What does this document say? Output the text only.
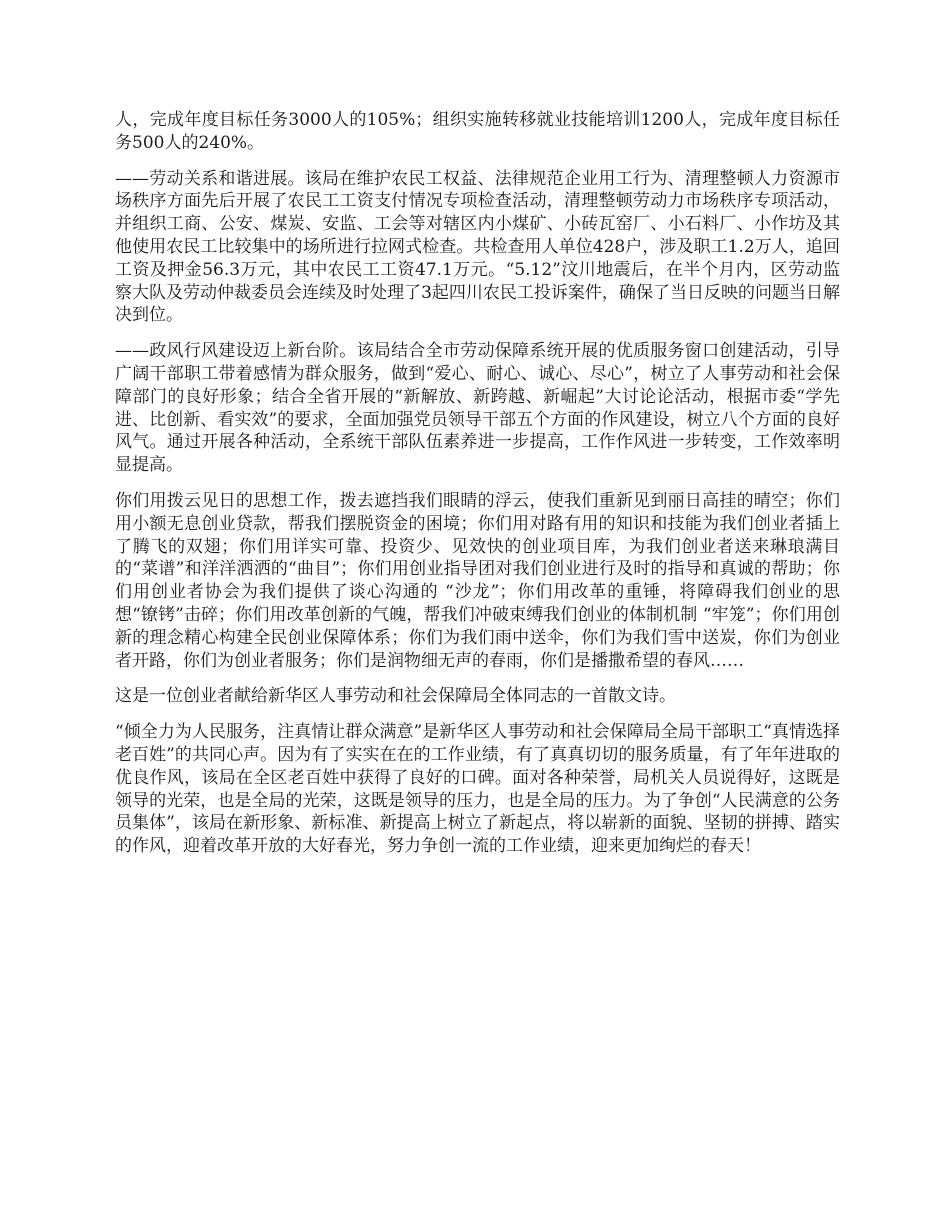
人，完成年度目标任务3000人的105%；组织实施转移就业技能培训1200人，完成年度目标任务500人的240%。

——劳动关系和谐进展。该局在维护农民工权益、法律规范企业用工行为、清理整顿人力资源市场秩序方面先后开展了农民工工资支付情况专项检查活动，清理整顿劳动力市场秩序专项活动，并组织工商、公安、煤炭、安监、工会等对辖区内小煤矿、小砖瓦窑厂、小石料厂、小作坊及其他使用农民工比较集中的场所进行拉网式检查。共检查用人单位428户，涉及职工1.2万人，追回工资及押金56.3万元，其中农民工工资47.1万元。“5.12”汶川地震后，在半个月内，区劳动监察大队及劳动仲裁委员会连续及时处理了3起四川农民工投诉案件，确保了当日反映的问题当日解决到位。

——政风行风建设迈上新台阶。该局结合全市劳动保障系统开展的优质服务窗口创建活动，引导广阔干部职工带着感情为群众服务，做到“爱心、耐心、诚心、尽心”，树立了人事劳动和社会保障部门的良好形象；结合全省开展的“新解放、新跨越、新崛起”大讨论论活动，根据市委“学先进、比创新、看实效”的要求，全面加强党员领导干部五个方面的作风建设，树立八个方面的良好风气。通过开展各种活动，全系统干部队伍素养进一步提高，工作作风进一步转变，工作效率明显提高。

你们用拨云见日的思想工作，拨去遮挡我们眼睛的浮云，使我们重新见到丽日高挂的晴空；你们用小额无息创业贷款，帮我们摆脱资金的困境；你们用对路有用的知识和技能为我们创业者插上了腾飞的双翅；你们用详实可靠、投资少、见效快的创业项目库，为我们创业者送来琳琅满目的“菜谱”和洋洋洒洒的“曲目”；你们用创业指导团对我们创业进行及时的指导和真诚的帮助；你们用创业者协会为我们提供了谈心沟通的 “沙龙”；你们用改革的重锤，将障碍我们创业的思想“镣铐”击碎；你们用改革创新的气魄，帮我们冲破束缚我们创业的体制机制 “牢笼”；你们用创新的理念精心构建全民创业保障体系；你们为我们雨中送伞，你们为我们雪中送炭，你们为创业者开路，你们为创业者服务；你们是润物细无声的春雨，你们是播撒希望的春风……

这是一位创业者献给新华区人事劳动和社会保障局全体同志的一首散文诗。

“倾全力为人民服务，注真情让群众满意”是新华区人事劳动和社会保障局全局干部职工“真情选择老百姓”的共同心声。因为有了实实在在的工作业绩，有了真真切切的服务质量，有了年年进取的优良作风，该局在全区老百姓中获得了良好的口碑。面对各种荣誉，局机关人员说得好，这既是领导的光荣，也是全局的光荣，这既是领导的压力，也是全局的压力。为了争创“人民满意的公务员集体”，该局在新形象、新标准、新提高上树立了新起点，将以崭新的面貌、坚韧的拼搏、踏实的作风，迎着改革开放的大好春光，努力争创一流的工作业绩，迎来更加绚烂的春天！
